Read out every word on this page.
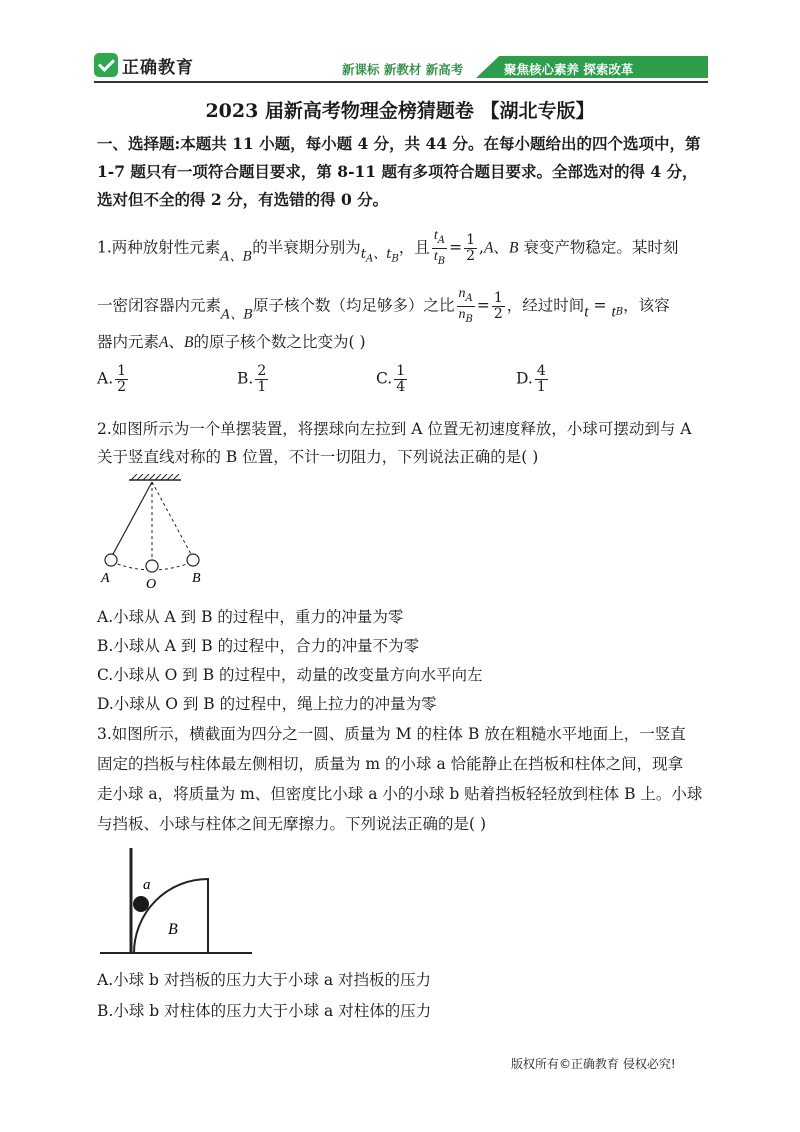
正确教育	新课标 新教材 新高考	聚焦核心素养 探索改革
2023 届新高考物理金榜猜题卷 【湖北专版】
一、选择题:本题共 11 小题，每小题 4 分，共 44 分。在每小题给出的四个选项中，第
1-7 题只有一项符合题目要求，第 8-11 题有多项符合题目要求。全部选对的得 4 分，
选对但不全的得 2 分，有选错的得 0 分。
1.两种放射性元素$_{A、B}$的半衰期分别为$_{t_A、t_B}$，且 $\frac{t_A}{t_B} = \frac{1}{2} ,A$、B 衰变产物稳定。某时刻
一密闭容器内元素$_{A、B}$原子核个数（均足够多）之比 $\frac{n_A}{n_B} = \frac{1}{2}$ ，经过时间$t = t_B$，该容
器内元素A、B的原子核个数之比变为( )
A. $\frac{1}{2}$	B. $\frac{2}{1}$	C. $\frac{1}{4}$	D. $\frac{4}{1}$
2.如图所示为一个单摆装置，将摆球向左拉到 A 位置无初速度释放，小球可摆动到与 A
关于竖直线对称的 B 位置，不计一切阻力，下列说法正确的是( )
A	O	B
A.小球从 A 到 B 的过程中，重力的冲量为零
B.小球从 A 到 B 的过程中，合力的冲量不为零
C.小球从 O 到 B 的过程中，动量的改变量方向水平向左
D.小球从 O 到 B 的过程中，绳上拉力的冲量为零
3.如图所示，横截面为四分之一圆、质量为 M 的柱体 B 放在粗糙水平地面上，一竖直
固定的挡板与柱体最左侧相切，质量为 m 的小球 a 恰能静止在挡板和柱体之间，现拿
走小球 a，将质量为 m、但密度比小球 a 小的小球 b 贴着挡板轻轻放到柱体 B 上。小球
与挡板、小球与柱体之间无摩擦力。下列说法正确的是( )
a
B
A.小球 b 对挡板的压力大于小球 a 对挡板的压力
B.小球 b 对柱体的压力大于小球 a 对柱体的压力
版权所有©正确教育 侵权必究!
